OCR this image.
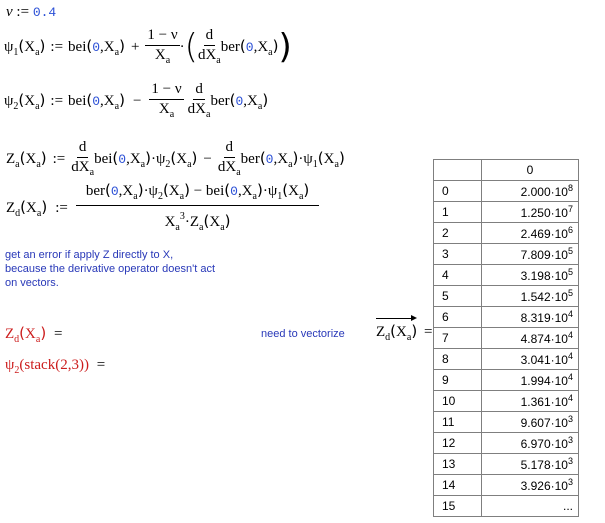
ν := 0.4
$\psi_1(X_a)$ := $bei(0,X_a) + \frac{1 - \nu}{X_a}$ · ( $\frac{d}{dX_a} ber(0,X_a)$ )
$\psi_2(X_a)$ := $bei(0,X_a) - \frac{1 - \nu}{X_a} \frac{d}{dX_a} ber(0,X_a)$
$Z_a(X_a)$ := $\frac{d}{dX_a} bei(0,X_a)\cdot\psi_2(X_a) - \frac{d}{dX_a} ber(0,X_a)\cdot\psi_1(X_a)$
$Z_d(X_a)$ := $\frac{ber(0,X_a)\cdot\psi_2(X_a) - bei(0,X_a)\cdot\psi_1(X_a)}{X_a^3\cdot Z_a(X_a)}$
get an error if apply Z directly to X, because the derivative operator doesn't act on vectors.
$Z_d(X_a)$ =
$\psi_2(stack(2,3))$ =
need to vectorize $Z_d(X_a)$ =
	0
0	$2.000\cdot 10^8$
1	$1.250\cdot 10^7$
2	$2.469\cdot 10^6$
3	$7.809\cdot 10^5$
4	$3.198\cdot 10^5$
5	$1.542\cdot 10^5$
6	$8.319\cdot 10^4$
7	$4.874\cdot 10^4$
8	$3.041\cdot 10^4$
9	$1.994\cdot 10^4$
10	$1.361\cdot 10^4$
11	$9.607\cdot 10^3$
12	$6.970\cdot 10^3$
13	$5.178\cdot 10^3$
14	$3.926\cdot 10^3$
15	...
